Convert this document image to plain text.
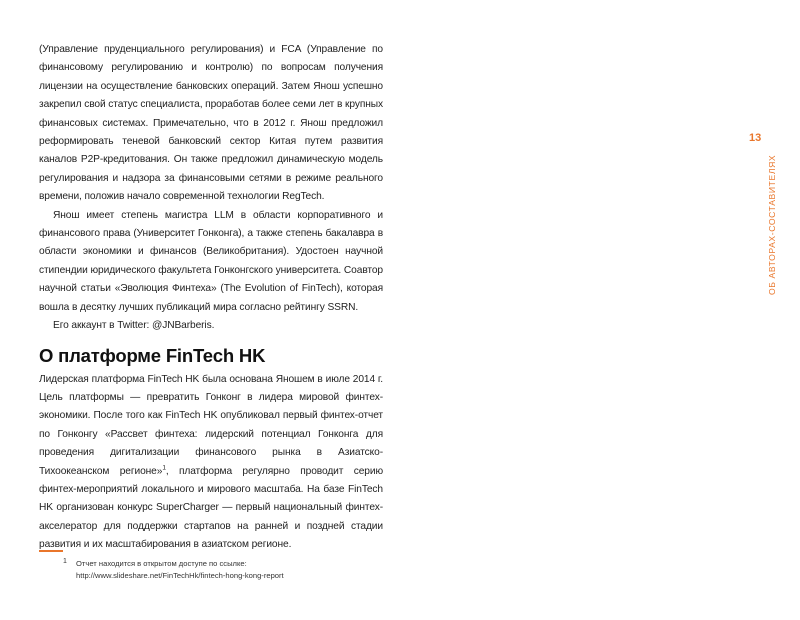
(Управление пруденциального регулирования) и FCA (Управление по финансовому регулированию и контролю) по вопросам получения лицензии на осуществление банковских операций. Затем Янош успешно закрепил свой статус специалиста, проработав более семи лет в крупных финансовых системах. Примечательно, что в 2012 г. Янош предложил реформировать теневой банковский сектор Китая путем развития каналов P2P-кредитования. Он также предложил динамическую модель регулирования и надзора за финансовыми сетями в режиме реального времени, положив начало современной технологии RegTech.

Янош имеет степень магистра LLM в области корпоративного и финансового права (Университет Гонконга), а также степень бакалавра в области экономики и финансов (Великобритания). Удостоен научной стипендии юридического факультета Гонконгского университета. Соавтор научной статьи «Эволюция Финтеха» (The Evolution of FinTech), которая вошла в десятку лучших публикаций мира согласно рейтингу SSRN.

Его аккаунт в Twitter: @JNBarberis.

О платформе FinTech HK

Лидерская платформа FinTech HK была основана Яношем в июле 2014 г. Цель платформы — превратить Гонконг в лидера мировой финтех-экономики. После того как FinTech HK опубликовал первый финтех-отчет по Гонконгу «Рассвет финтеха: лидерский потенциал Гонконга для проведения дигитализации финансового рынка в Азиатско-Тихоокеанском регионе»$^1$, платформа регулярно проводит серию финтех-мероприятий локального и мирового масштаба. На базе FinTech HK организован конкурс SuperCharger — первый национальный финтех-акселератор для поддержки стартапов на ранней и поздней стадии развития и их масштабирования в азиатском регионе.

1	Отчет находится в открытом доступе по ссылке: http://www.slideshare.net/FinTechHk/fintech-hong-kong-report
13
ОБ АВТОРАХ-СОСТАВИТЕЛЯХ
